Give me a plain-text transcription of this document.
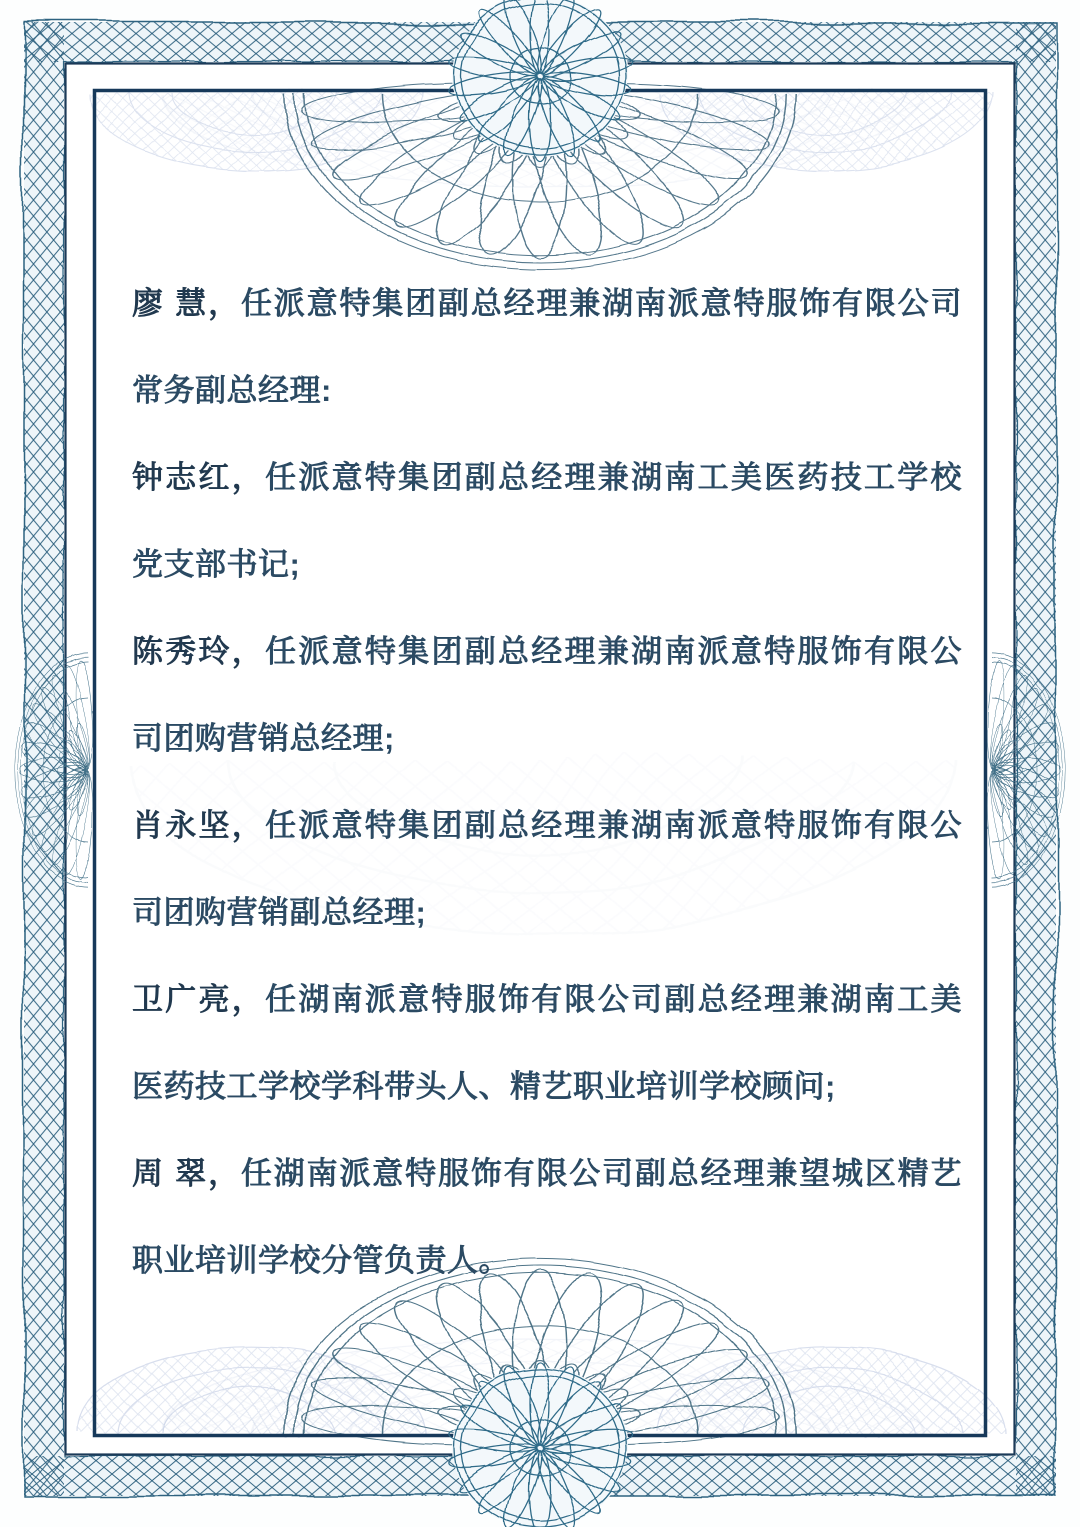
廖 慧，任派意特集团副总经理兼湖南派意特服饰有限公司
常务副总经理:
钟志红，任派意特集团副总经理兼湖南工美医药技工学校
党支部书记;
陈秀玲，任派意特集团副总经理兼湖南派意特服饰有限公
司团购营销总经理;
肖永坚，任派意特集团副总经理兼湖南派意特服饰有限公
司团购营销副总经理;
卫广亮，任湖南派意特服饰有限公司副总经理兼湖南工美
医药技工学校学科带头人、精艺职业培训学校顾问;
周 翠，任湖南派意特服饰有限公司副总经理兼望城区精艺
职业培训学校分管负责人。
